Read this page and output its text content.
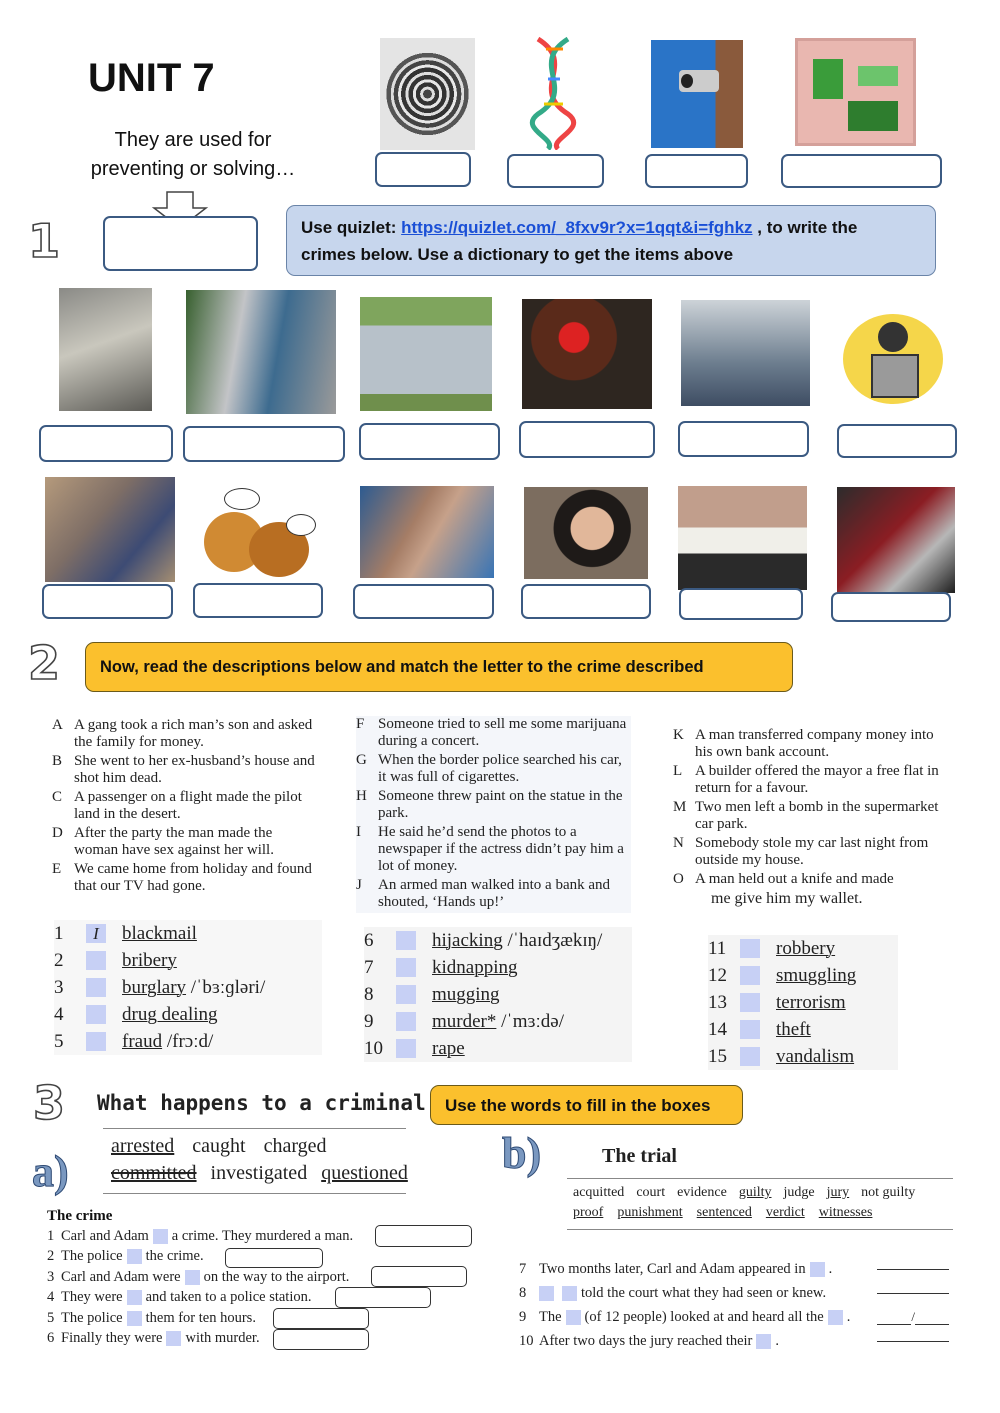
UNIT 7
They are used for
preventing or solving…
1	Use quizlet: https://quizlet.com/_8fxv9r?x=1qqt&i=fghkz , to write the
crimes below. Use a dictionary to get the items above
2	Now, read the descriptions below and match the letter to the crime described
A A gang took a rich man’s son and asked the family for money.
B She went to her ex-husband’s house and shot him dead.
C A passenger on a flight made the pilot land in the desert.
D After the party the man made the woman have sex against her will.
E We came home from holiday and found that our TV had gone.
F Someone tried to sell me some marijuana during a concert.
G When the border police searched his car, it was full of cigarettes.
H Someone threw paint on the statue in the park.
I	He said he’d send the photos to a newspaper if the actress didn’t pay him a lot of money.
J	An armed man walked into a bank and shouted, ‘Hands up!’
K A man transferred company money into his own bank account.
L A builder offered the mayor a free flat in return for a favour.
M Two men left a bomb in the supermarket car park.
N Somebody stole my car last night from outside my house.
O A man held out a knife and made
me give him my wallet.
1	I	blackmail
2	bribery
3	burglary /ˈbɜːɡləri/
4	drug dealing
5	fraud /frɔːd/
6	hijacking /ˈhaɪdʒækɪŋ/
7	kidnapping
8	mugging
9	murder* /ˈmɜːdə/
10	rape
11	robbery
12	smuggling
13	terrorism
14	theft
15	vandalism
3 What happens to a criminal	Use the words to fill in the boxes
a)
arrested caught charged
committed investigated questioned
The crime
1 Carl and Adam a crime. They murdered a man.
2 The police the crime.
3 Carl and Adam were on the way to the airport.
4 They were and taken to a police station.
5 The police them for ten hours.
6 Finally they were with murder.
b)	The trial
acquitted court evidence guilty judge jury not guilty
proof punishment sentenced verdict witnesses
7 Two months later, Carl and Adam appeared in .
8	told the court what they had seen or knew.
9 The (of 12 people) looked at and heard all the .	/
10 After two days the jury reached their .
